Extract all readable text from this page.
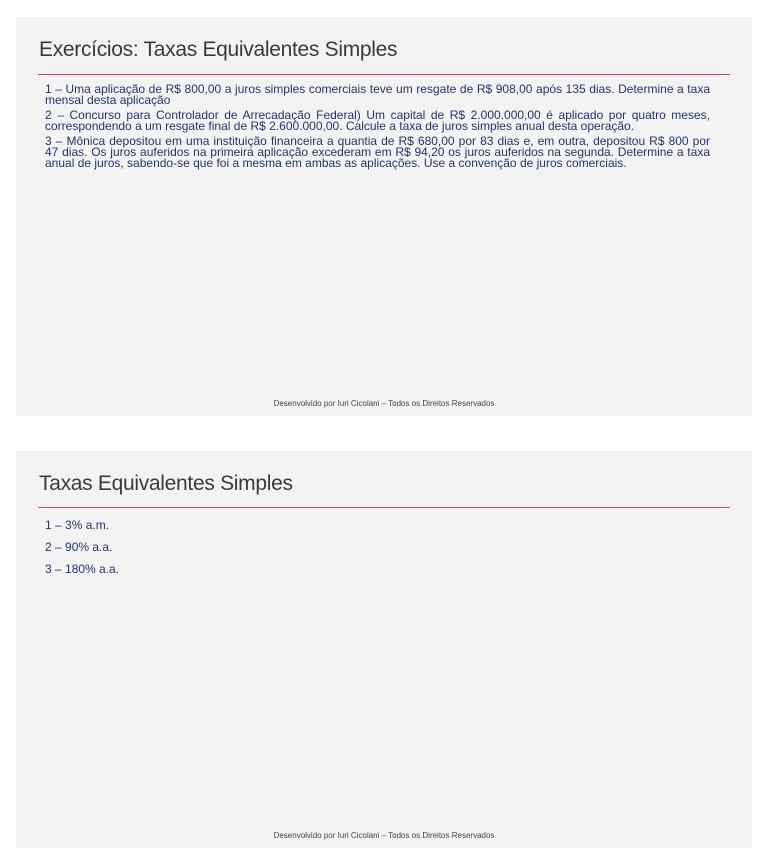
Exercícios: Taxas Equivalentes Simples
1 – Uma aplicação de R$ 800,00 a juros simples comerciais teve um resgate de R$ 908,00 após 135 dias. Determine a taxa mensal desta aplicação
2 – Concurso para Controlador de Arrecadação Federal) Um capital de R$ 2.000.000,00 é aplicado por quatro meses, correspondendo a um resgate final de R$ 2.600.000,00. Calcule a taxa de juros simples anual desta operação.
3 – Mônica depositou em uma instituição financeira a quantia de R$ 680,00 por 83 dias e, em outra, depositou R$ 800 por 47 dias. Os juros auferidos na primeira aplicação excederam em R$ 94,20 os juros auferidos na segunda. Determine a taxa anual de juros, sabendo-se que foi a mesma em ambas as aplicações. Use a convenção de juros comerciais.
Desenvolvido por Iuri Cicolani – Todos os Direitos Reservados
Taxas Equivalentes Simples
1 – 3% a.m.
2 – 90% a.a.
3 – 180% a.a.
Desenvolvido por Iuri Cicolani – Todos os Direitos Reservados
